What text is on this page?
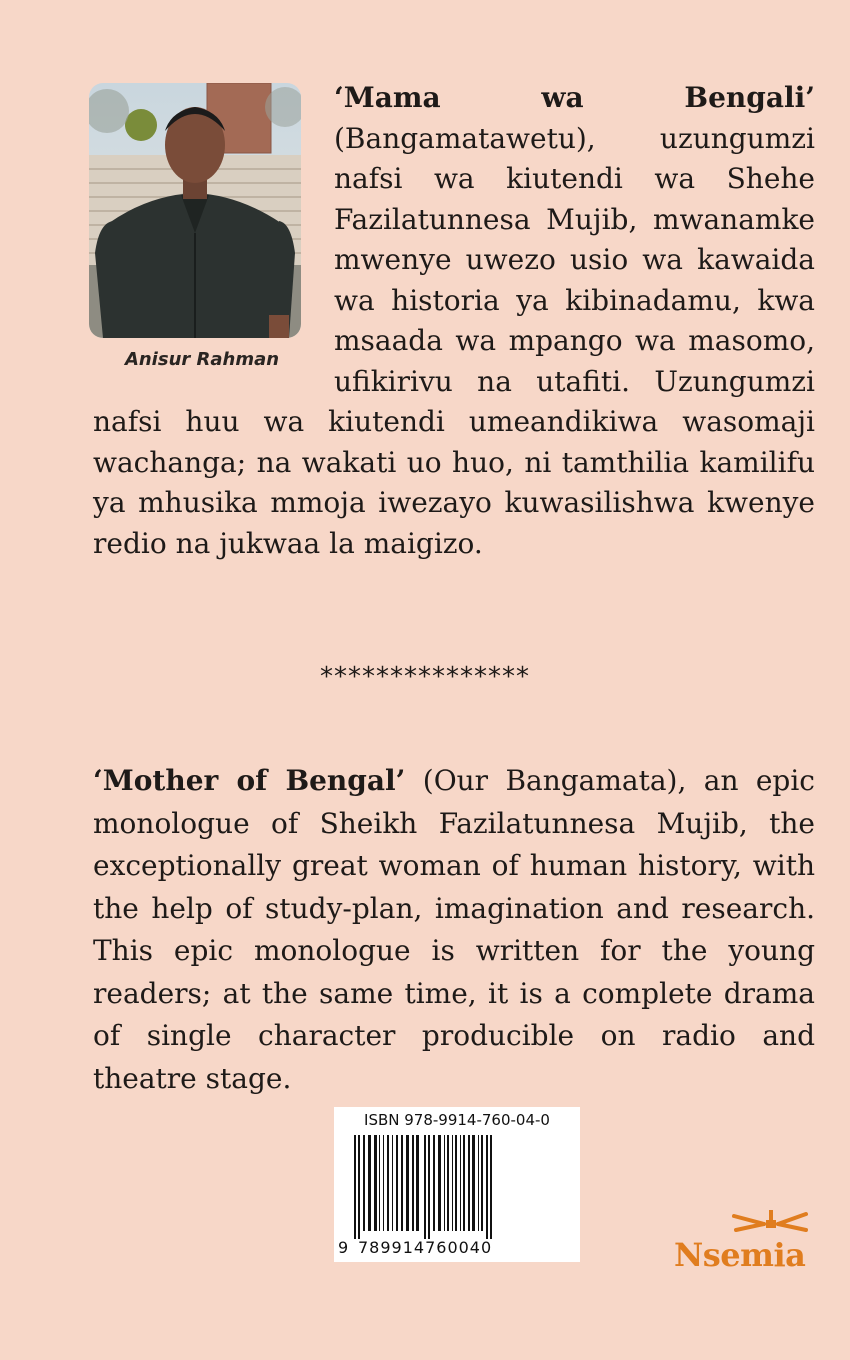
Anisur Rahman
‘Mama wa Bengali’ (Bangamatawetu), uzungumzi nafsi wa kiutendi wa Shehe Fazilatunnesa Mujib, mwanamke mwenye uwezo usio wa kawaida wa historia ya kibinadamu, kwa msaada wa mpango wa masomo, ufikirivu na utafiti. Uzungumzi nafsi huu wa kiutendi umeandikiwa wasomaji wachanga; na wakati uo huo, ni tamthilia kamilifu ya mhusika mmoja iwezayo kuwasilishwa kwenye redio na jukwaa la maigizo.
***************
‘Mother of Bengal’ (Our Bangamata), an epic monologue of Sheikh Fazilatunnesa Mujib, the exceptionally great woman of human history, with the help of study-plan, imagination and research. This epic monologue is written for the young readers; at the same time, it is a complete drama of single character producible on radio and theatre stage.
ISBN 978-9914-760-04-0
9 789914760040	Nsemia
